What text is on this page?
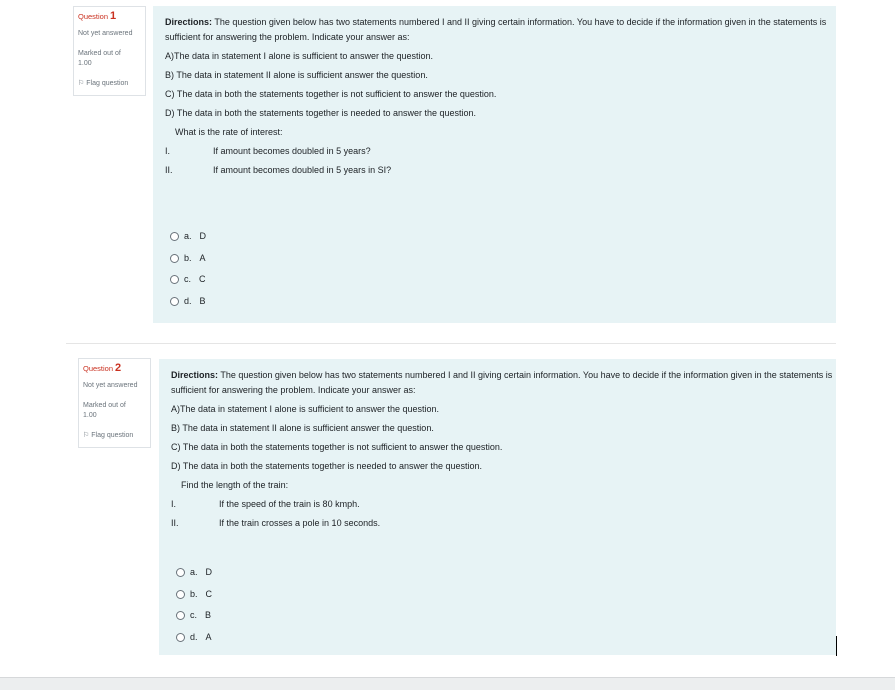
Question 1
Not yet answered
Marked out of
1.00
⚐ Flag question
Directions: The question given below has two statements numbered I and II giving certain information. You have to decide if the information given in the statements is sufficient for answering the problem. Indicate your answer as:
A)The data in statement I alone is sufficient to answer the question.
B) The data in statement II alone is sufficient answer the question.
C) The data in both the statements together is not sufficient to answer the question.
D) The data in both the statements together is needed to answer the question.
What is the rate of interest:
I.	If amount becomes doubled in 5 years?
II.	If amount becomes doubled in 5 years in SI?
a. D
b. A
c. C
d. B
Question 2
Not yet answered
Marked out of
1.00
⚐ Flag question
Directions: The question given below has two statements numbered I and II giving certain information. You have to decide if the information given in the statements is sufficient for answering the problem. Indicate your answer as:
A)The data in statement I alone is sufficient to answer the question.
B) The data in statement II alone is sufficient answer the question.
C) The data in both the statements together is not sufficient to answer the question.
D) The data in both the statements together is needed to answer the question.
Find the length of the train:
I.	If the speed of the train is 80 kmph.
II.	If the train crosses a pole in 10 seconds.
a. D
b. C
c. B
d. A
